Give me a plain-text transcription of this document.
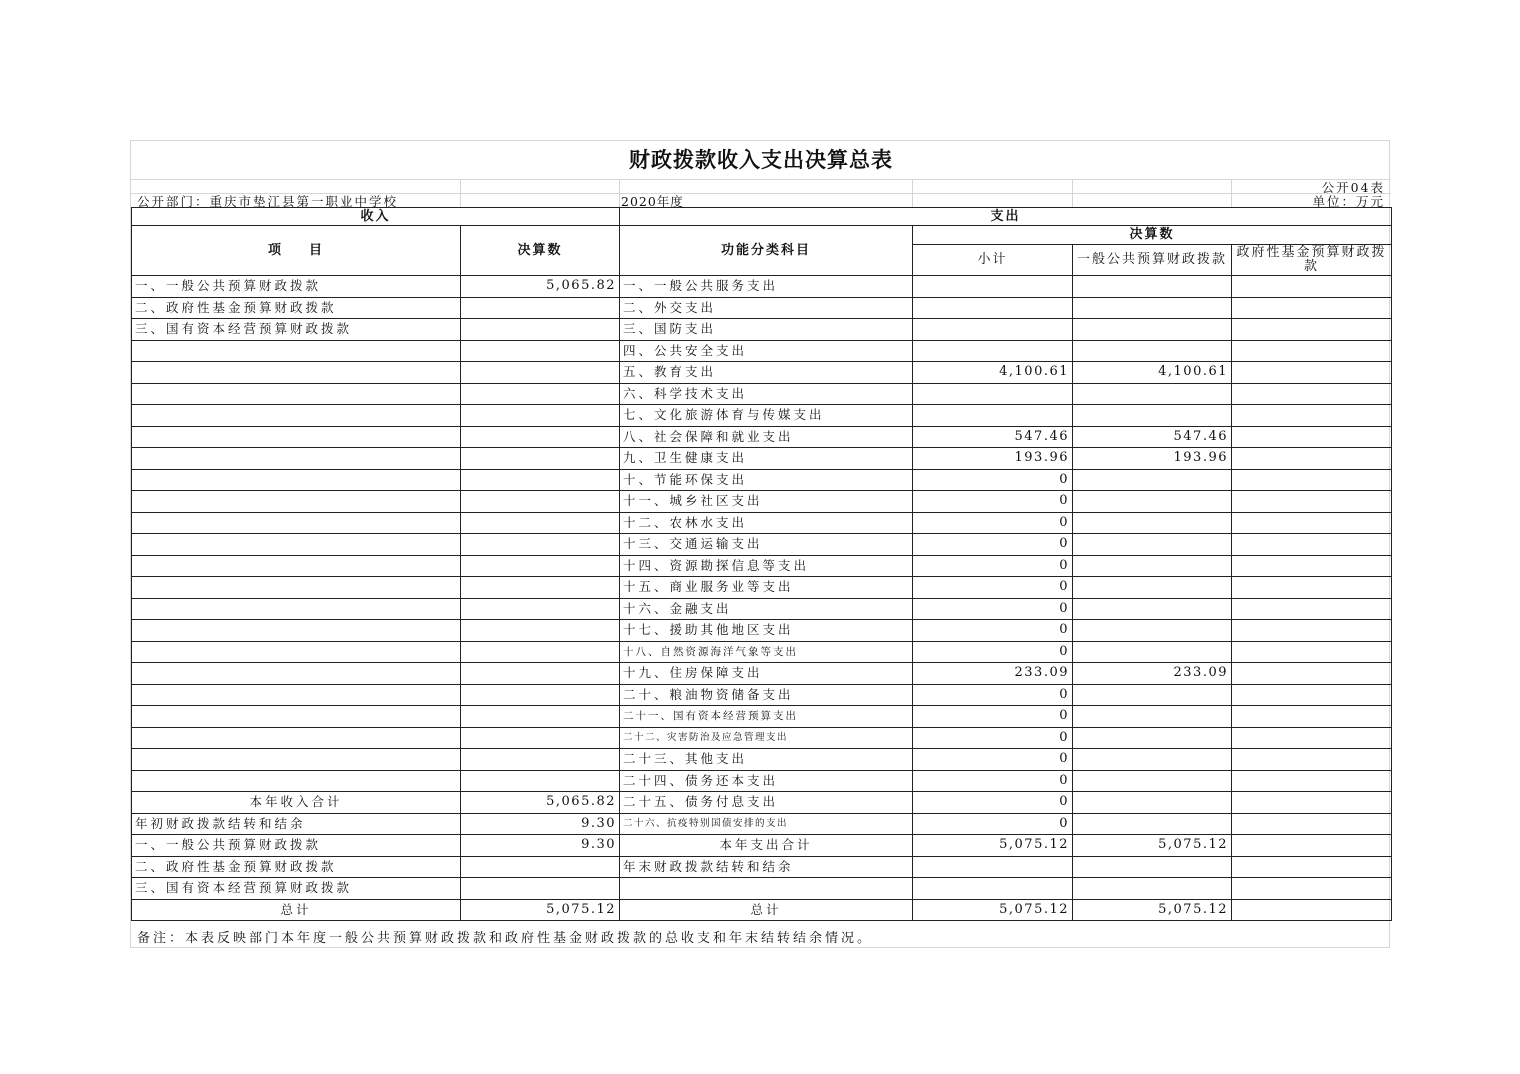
财政拨款收入支出决算总表
公开04表
公开部门：重庆市垫江县第一职业中学校	2020年度	单位：万元
收入		支出			
项    目	决算数	功能分类科目	决算数		
			小计	一般公共预算财政拨款	政府性基金预算财政拨款
一、一般公共预算财政拨款	5,065.82	一、一般公共服务支出			
二、政府性基金预算财政拨款		二、外交支出			
三、国有资本经营预算财政拨款		三、国防支出			
		四、公共安全支出			
		五、教育支出	4,100.61	4,100.61	
		六、科学技术支出			
		七、文化旅游体育与传媒支出			
		八、社会保障和就业支出	547.46	547.46	
		九、卫生健康支出	193.96	193.96	
		十、节能环保支出	0		
		十一、城乡社区支出	0		
		十二、农林水支出	0		
		十三、交通运输支出	0		
		十四、资源勘探信息等支出	0		
		十五、商业服务业等支出	0		
		十六、金融支出	0		
		十七、援助其他地区支出	0		
		十八、自然资源海洋气象等支出	0		
		十九、住房保障支出	233.09	233.09	
		二十、粮油物资储备支出	0		
		二十一、国有资本经营预算支出	0		
		二十二、灾害防治及应急管理支出	0		
		二十三、其他支出	0		
		二十四、债务还本支出	0		
本年收入合计	5,065.82	二十五、债务付息支出	0		
年初财政拨款结转和结余	9.30	二十六、抗疫特别国债安排的支出	0		
一、一般公共预算财政拨款	9.30	本年支出合计	5,075.12	5,075.12	
二、政府性基金预算财政拨款		年末财政拨款结转和结余			
三、国有资本经营预算财政拨款					
总计	5,075.12	总计	5,075.12	5,075.12	
备注：本表反映部门本年度一般公共预算财政拨款和政府性基金财政拨款的总收支和年末结转结余情况。
